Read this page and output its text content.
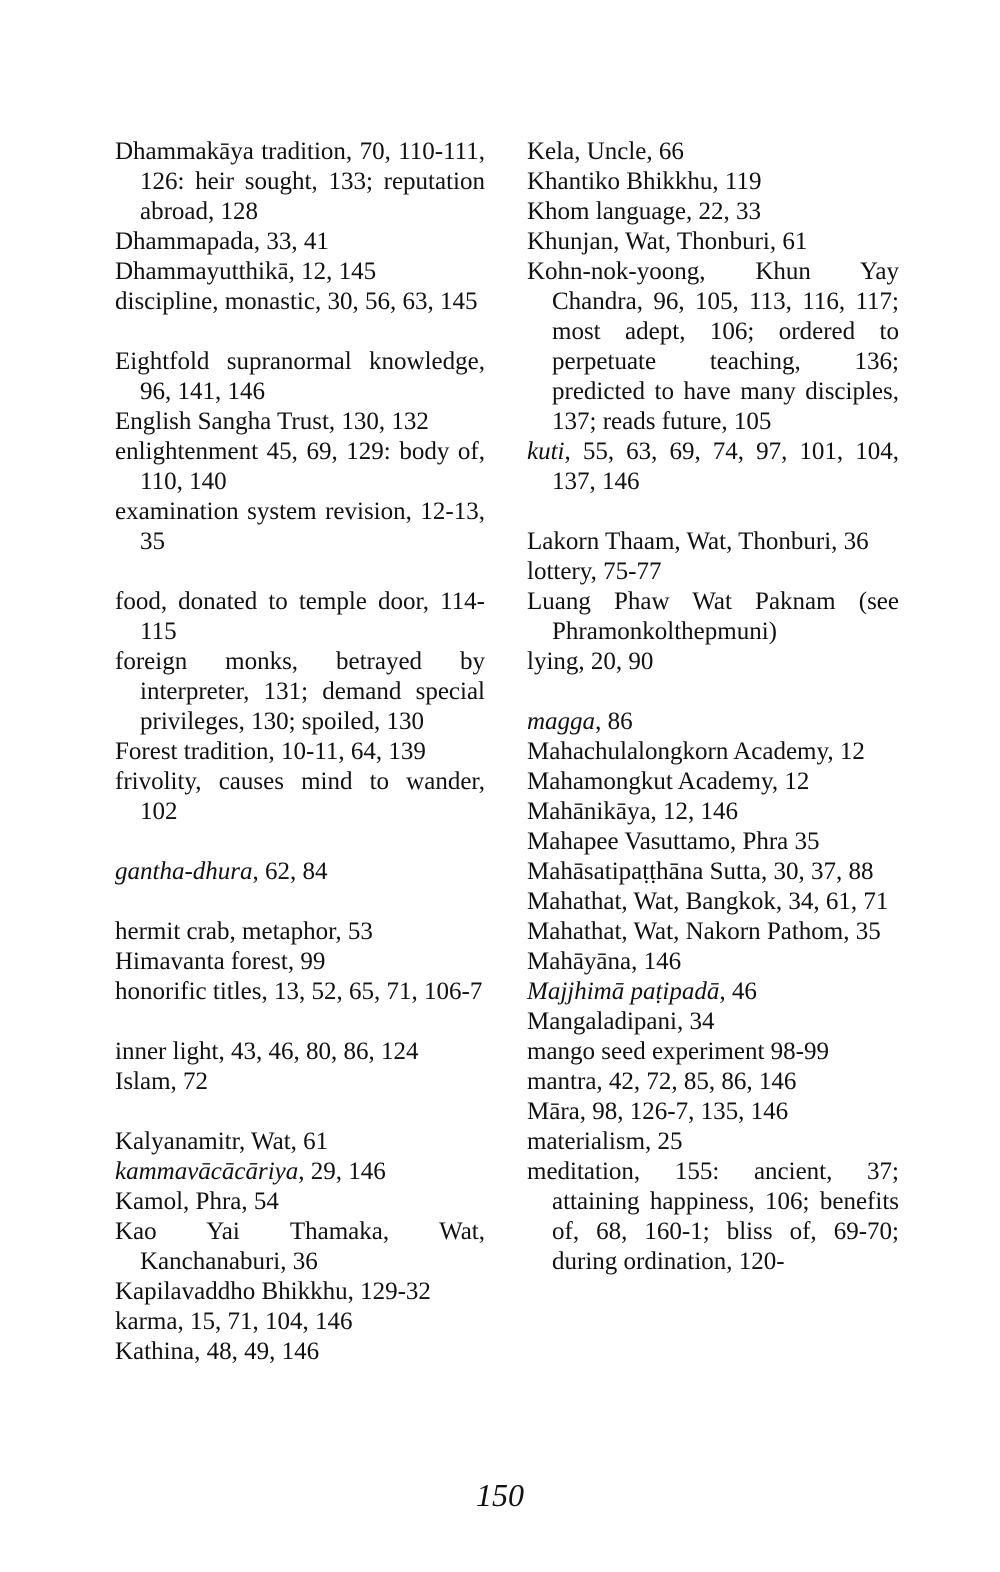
Dhammakāya tradition, 70, 110-111, 126: heir sought, 133; reputation abroad, 128
Dhammapada, 33, 41
Dhammayutthikā, 12, 145
discipline, monastic, 30, 56, 63, 145
Eightfold supranormal knowledge, 96, 141, 146
English Sangha Trust, 130, 132
enlightenment 45, 69, 129: body of, 110, 140
examination system revision, 12-13, 35
food, donated to temple door, 114-115
foreign monks, betrayed by interpreter, 131; demand special privileges, 130; spoiled, 130
Forest tradition, 10-11, 64, 139
frivolity, causes mind to wander, 102
gantha-dhura, 62, 84
hermit crab, metaphor, 53
Himavanta forest, 99
honorific titles, 13, 52, 65, 71, 106-7
inner light, 43, 46, 80, 86, 124
Islam, 72
Kalyanamitr, Wat, 61
kammavācācāriya, 29, 146
Kamol, Phra, 54
Kao Yai Thamaka, Wat, Kanchanaburi, 36
Kapilavaddho Bhikkhu, 129-32
karma, 15, 71, 104, 146
Kathina, 48, 49, 146
Kela, Uncle, 66
Khantiko Bhikkhu, 119
Khom language, 22, 33
Khunjan, Wat, Thonburi, 61
Kohn-nok-yoong, Khun Yay Chandra, 96, 105, 113, 116, 117; most adept, 106; ordered to perpetuate teaching, 136; predicted to have many disciples, 137; reads future, 105
kuti, 55, 63, 69, 74, 97, 101, 104, 137, 146
Lakorn Thaam, Wat, Thonburi, 36
lottery, 75-77
Luang Phaw Wat Paknam (see Phramonkolthepmuni)
lying, 20, 90
magga, 86
Mahachulalongkorn Academy, 12
Mahamongkut Academy, 12
Mahānikāya, 12, 146
Mahapee Vasuttamo, Phra 35
Mahāsatipaṭṭhāna Sutta, 30, 37, 88
Mahathat, Wat, Bangkok, 34, 61, 71
Mahathat, Wat, Nakorn Pathom, 35
Mahāyāna, 146
Majjhimā paṭipadā, 46
Mangaladipani, 34
mango seed experiment 98-99
mantra, 42, 72, 85, 86, 146
Māra, 98, 126-7, 135, 146
materialism, 25
meditation, 155: ancient, 37; attaining happiness, 106; benefits of, 68, 160-1; bliss of, 69-70; during ordination, 120-
150
